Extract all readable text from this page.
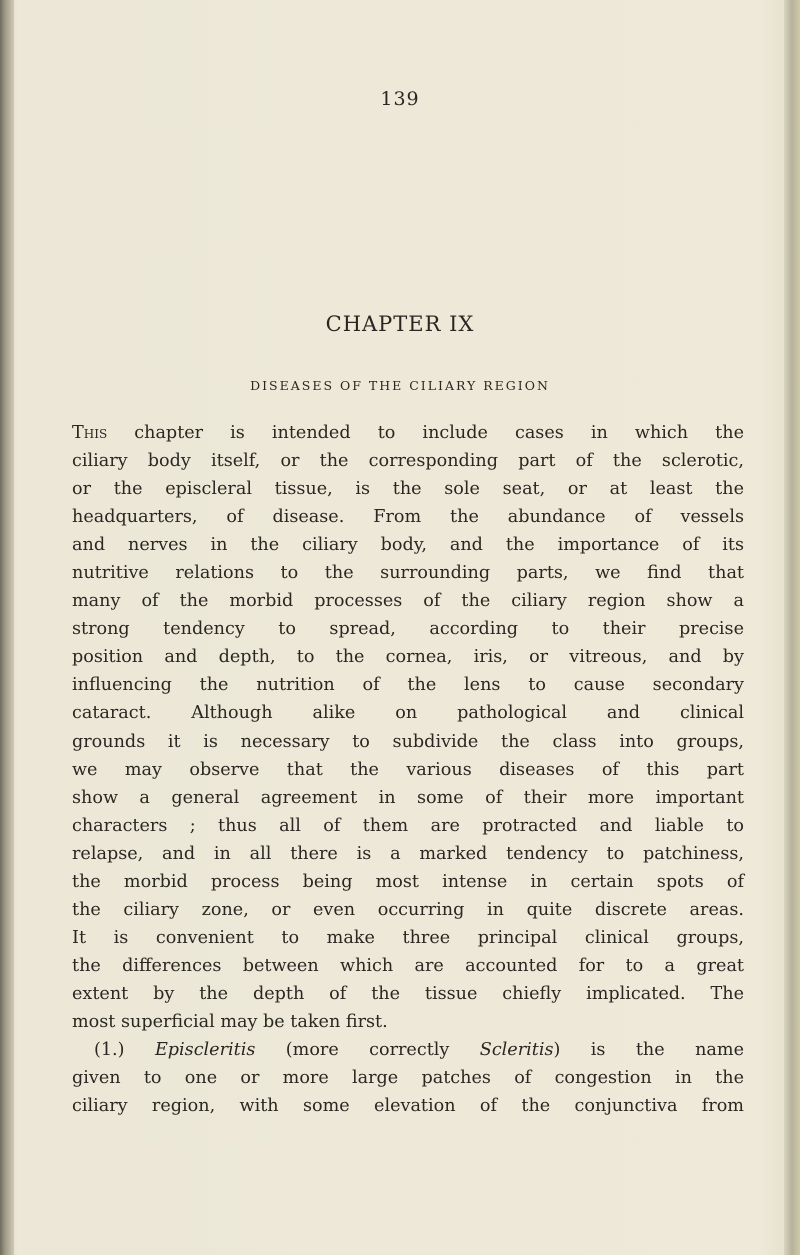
139
CHAPTER IX
DISEASES OF THE CILIARY REGION
This chapter is intended to include cases in which the
ciliary body itself, or the corresponding part of the sclerotic,
or the episcleral tissue, is the sole seat, or at least the
headquarters, of disease. From the abundance of vessels
and nerves in the ciliary body, and the importance of its
nutritive relations to the surrounding parts, we find that
many of the morbid processes of the ciliary region show a
strong tendency to spread, according to their precise
position and depth, to the cornea, iris, or vitreous, and by
influencing the nutrition of the lens to cause secondary
cataract. Although alike on pathological and clinical
grounds it is necessary to subdivide the class into groups,
we may observe that the various diseases of this part
show a general agreement in some of their more important
characters ; thus all of them are protracted and liable to
relapse, and in all there is a marked tendency to patchiness,
the morbid process being most intense in certain spots of
the ciliary zone, or even occurring in quite discrete areas.
It is convenient to make three principal clinical groups,
the differences between which are accounted for to a great
extent by the depth of the tissue chiefly implicated. The
most superficial may be taken first.
(1.) Episcleritis (more correctly Scleritis) is the name
given to one or more large patches of congestion in the
ciliary region, with some elevation of the conjunctiva from
